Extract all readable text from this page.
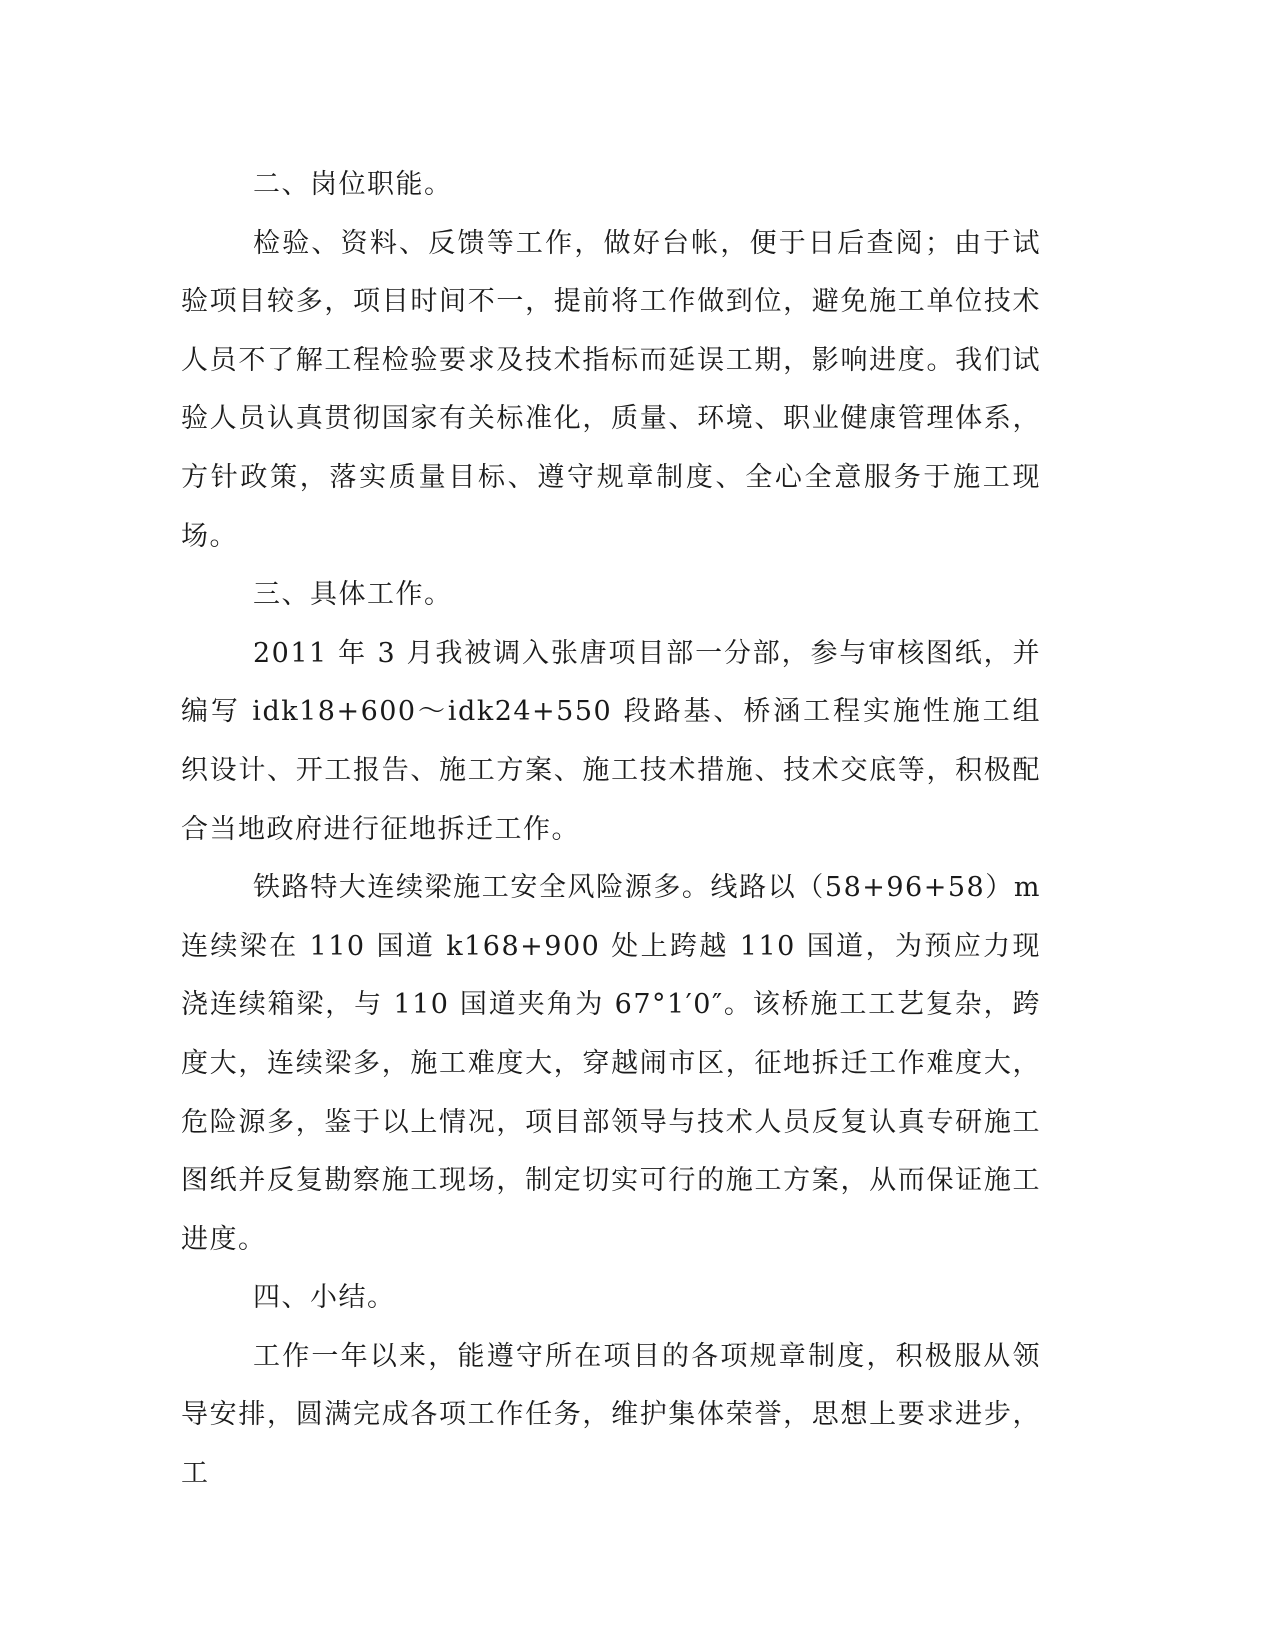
二、岗位职能。

检验、资料、反馈等工作，做好台帐，便于日后查阅；由于试验项目较多，项目时间不一，提前将工作做到位，避免施工单位技术人员不了解工程检验要求及技术指标而延误工期，影响进度。我们试验人员认真贯彻国家有关标准化，质量、环境、职业健康管理体系，方针政策，落实质量目标、遵守规章制度、全心全意服务于施工现场。

三、具体工作。

2011 年 3 月我被调入张唐项目部一分部，参与审核图纸，并编写 idk18+600～idk24+550 段路基、桥涵工程实施性施工组织设计、开工报告、施工方案、施工技术措施、技术交底等，积极配合当地政府进行征地拆迁工作。

铁路特大连续梁施工安全风险源多。线路以（58+96+58）m 连续梁在 110 国道 k168+900 处上跨越 110 国道，为预应力现浇连续箱梁，与 110 国道夹角为 67°1′0″。该桥施工工艺复杂，跨度大，连续梁多，施工难度大，穿越闹市区，征地拆迁工作难度大，危险源多，鉴于以上情况，项目部领导与技术人员反复认真专研施工图纸并反复勘察施工现场，制定切实可行的施工方案，从而保证施工进度。

四、小结。

工作一年以来，能遵守所在项目的各项规章制度，积极服从领导安排，圆满完成各项工作任务，维护集体荣誉，思想上要求进步，工
